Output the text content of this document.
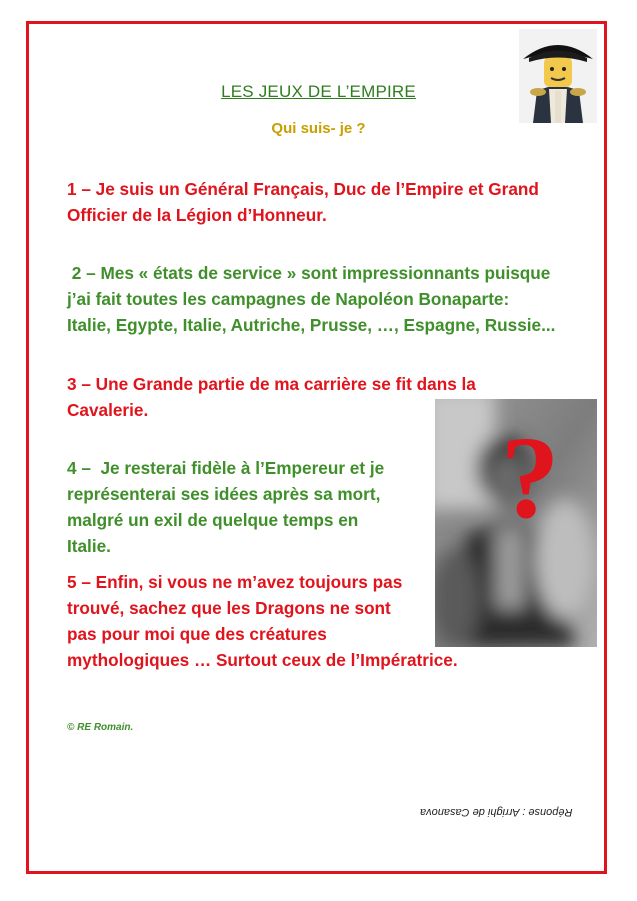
LES JEUX DE L’EMPIRE
Qui suis- je ?
1 – Je suis un Général Français, Duc de l’Empire et Grand
Officier de la Légion d’Honneur.
2 – Mes « états de service » sont impressionnants puisque
j’ai fait toutes les campagnes de Napoléon Bonaparte:
Italie, Egypte, Italie, Autriche, Prusse, …, Espagne, Russie...
3 – Une Grande partie de ma carrière se fit dans la
Cavalerie.
4 –  Je resterai fidèle à l’Empereur et je
représenterai ses idées après sa mort,
malgré un exil de quelque temps en
Italie.
5 – Enfin, si vous ne m’avez toujours pas
trouvé, sachez que les Dragons ne sont
pas pour moi que des créatures
mythologiques … Surtout ceux de l’Impératrice.
?
© RE Romain.
Réponse : Arrighi de Casanova
